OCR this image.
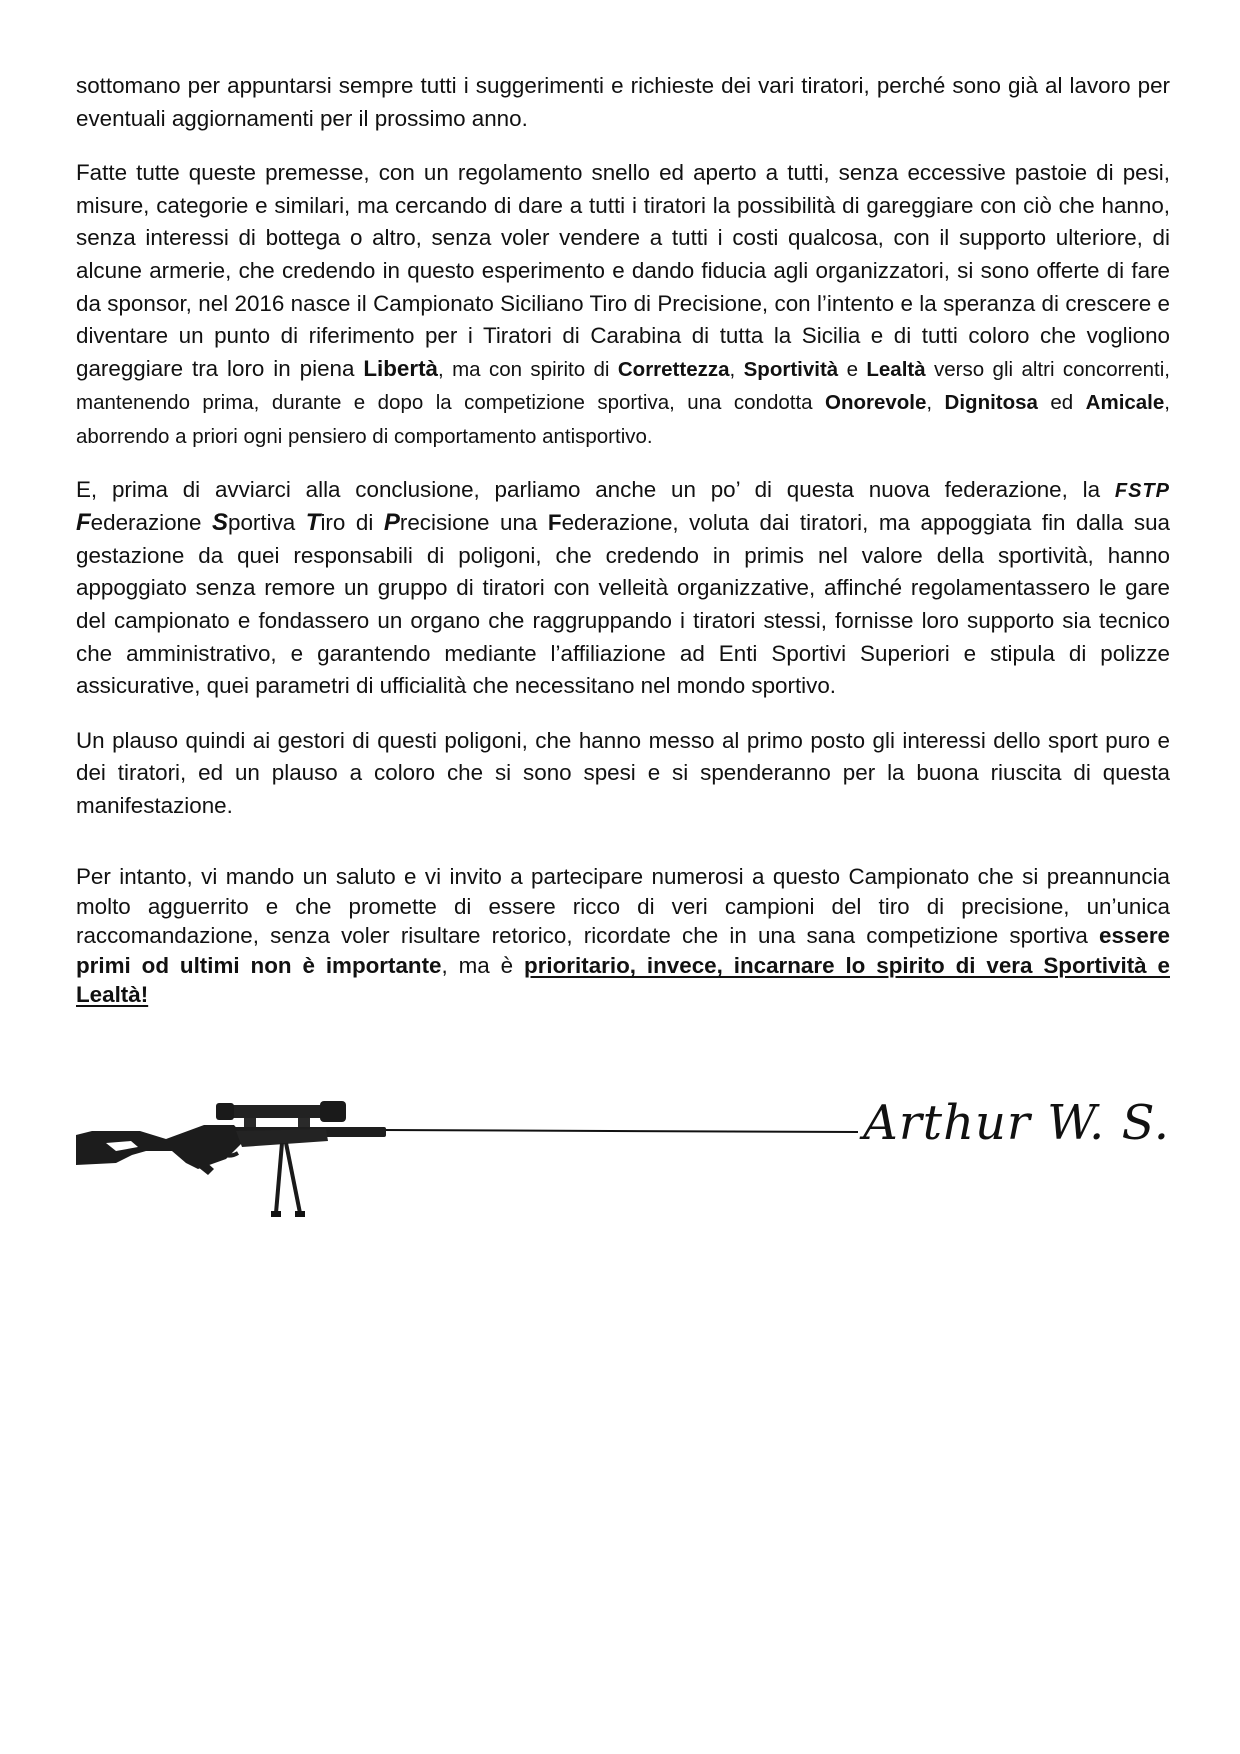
sottomano per appuntarsi sempre tutti i suggerimenti e richieste dei vari tiratori, perché sono già al lavoro per eventuali aggiornamenti per il prossimo anno.

Fatte tutte queste premesse, con un regolamento snello ed aperto a tutti, senza eccessive pastoie di pesi, misure, categorie e similari, ma cercando di dare a tutti i tiratori la possibilità di gareggiare con ciò che hanno, senza interessi di bottega o altro, senza voler vendere a tutti i costi qualcosa, con il supporto ulteriore, di alcune armerie, che credendo in questo esperimento e dando fiducia agli organizzatori, si sono offerte di fare da sponsor, nel 2016 nasce il Campionato Siciliano Tiro di Precisione, con l’intento e la speranza di crescere e diventare un punto di riferimento per i Tiratori di Carabina di tutta la Sicilia e di tutti coloro che vogliono gareggiare tra loro in piena Libertà, ma con spirito di Correttezza, Sportività e Lealtà verso gli altri concorrenti, mantenendo prima, durante e dopo la competizione sportiva, una condotta Onorevole, Dignitosa ed Amicale, aborrendo a priori ogni pensiero di comportamento antisportivo.

E, prima di avviarci alla conclusione, parliamo anche un po’ di questa nuova federazione, la FSTP Federazione Sportiva Tiro di Precisione una Federazione, voluta dai tiratori, ma appoggiata fin dalla sua gestazione da quei responsabili di poligoni, che credendo in primis nel valore della sportività, hanno appoggiato senza remore un gruppo di tiratori con velleità organizzative, affinché regolamentassero le gare del campionato e fondassero un organo che raggruppando i tiratori stessi, fornisse loro supporto sia tecnico che amministrativo, e garantendo mediante l’affiliazione ad Enti Sportivi Superiori e stipula di polizze assicurative, quei parametri di ufficialità che necessitano nel mondo sportivo.

Un plauso quindi ai gestori di questi poligoni, che hanno messo al primo posto gli interessi dello sport puro e dei tiratori, ed un plauso a coloro che si sono spesi e si spenderanno per la buona riuscita di questa manifestazione.

Per intanto, vi mando un saluto e vi invito a partecipare numerosi a questo Campionato che si preannuncia molto agguerrito e che promette di essere ricco di veri campioni del tiro di precisione, un’unica raccomandazione, senza voler risultare retorico, ricordate che in una sana competizione sportiva essere primi od ultimi non è importante, ma è prioritario, invece, incarnare lo spirito di vera Sportività e Lealtà!

Arthur W. S.
